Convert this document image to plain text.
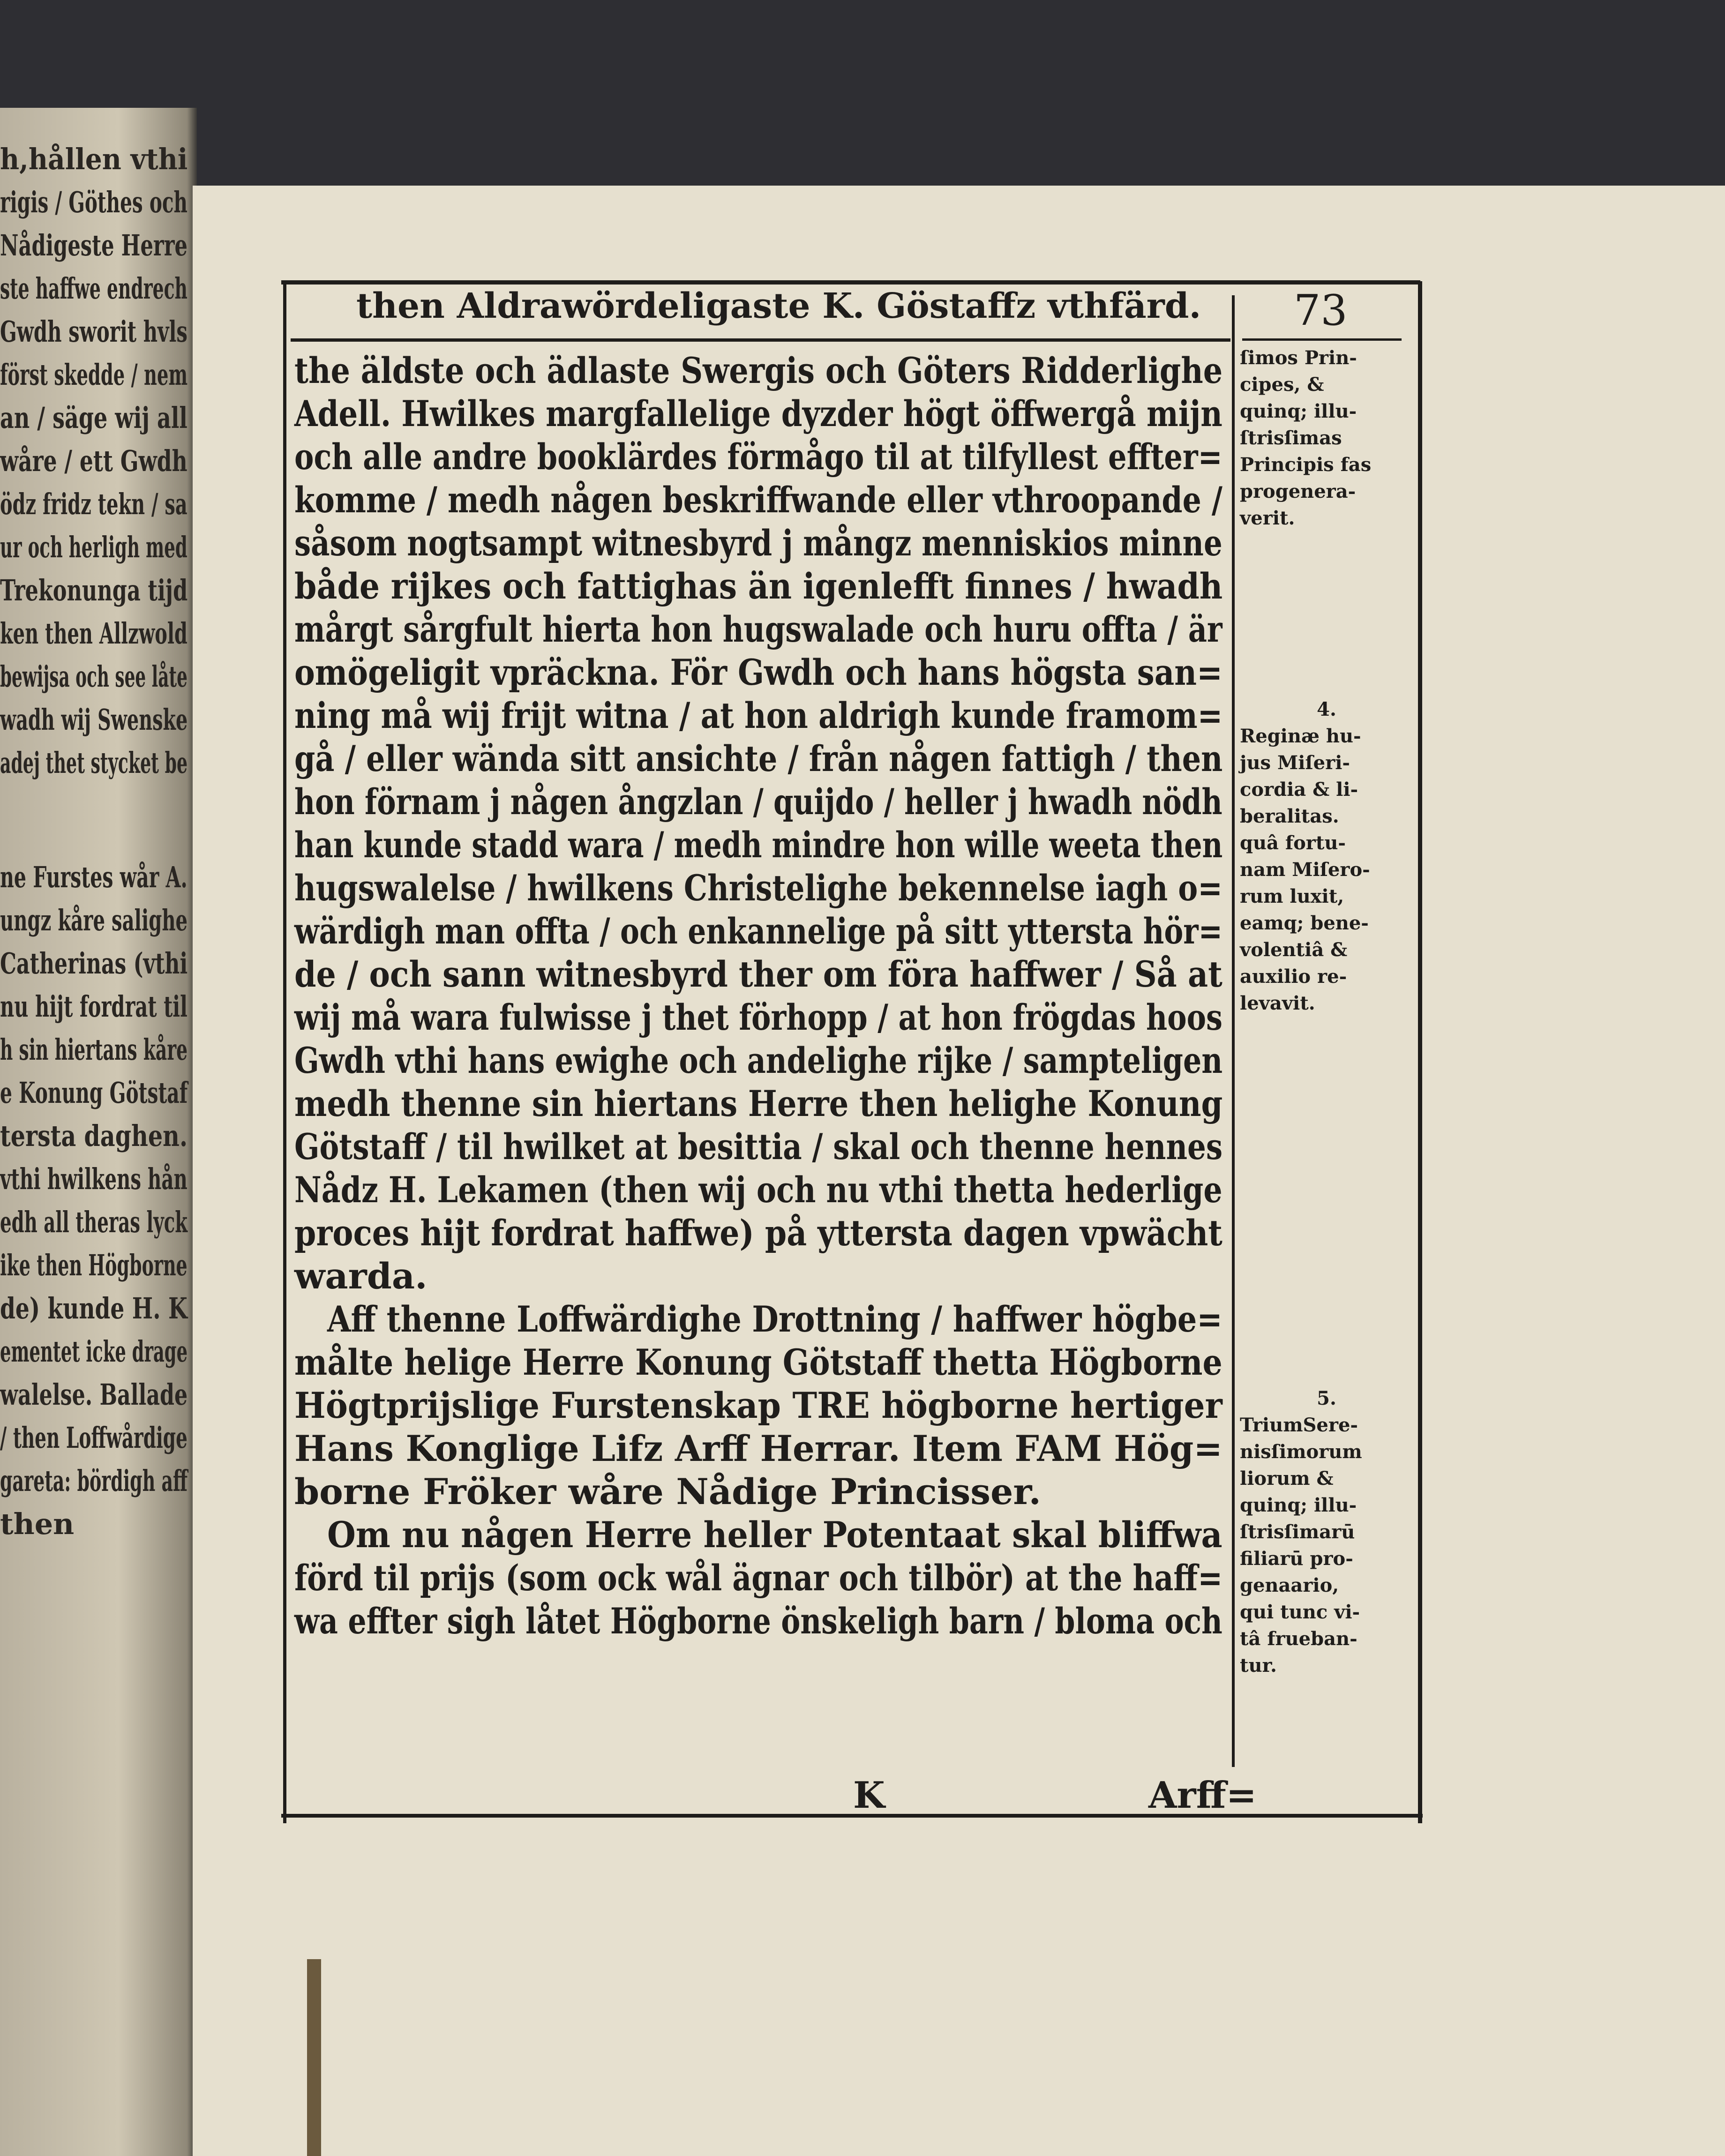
h,hållen vthi
rigis / Göthes och
Nådigeste Herre
ste haffwe endrech
Gwdh sworit hvls
först skedde / nem
an / säge wij all
wåre / ett Gwdh
ödz fridz tekn / sa
ur och herligh med
Trekonunga tijd
ken then Allzwold
bewijsa och see låte
wadh wij Swenske
adej thet stycket be
ne Furstes wår A.
ungz kåre salighe
Catherinas (vthi
nu hijt fordrat til
h sin hiertans kåre
e Konung Götstaf
tersta daghen.
vthi hwilkens hån
edh all theras lyck
ike then Högborne
de) kunde H. K
ementet icke drage
walelse. Ballade
/ then Loffwårdige
gareta: bördigh aff
then
then Aldrawördeligaste K. Göstaffz vthfärd. 73
the äldste och ädlaste Swergis och Göters Ridderlighe
Adell. Hwilkes margfallelige dyzder högt öffwergå mijn
och alle andre booklärdes förmågo til at tilfyllest effter=
komme / medh någen beskriffwande eller vthroopande /
såsom nogtsampt witnesbyrd j mångz menniskios minne
både rijkes och fattighas än igenlefft finnes / hwadh
mårgt sårgfult hierta hon hugswalade och huru offta / är
omögeligit vpräckna. För Gwdh och hans högsta san=
ning må wij frijt witna / at hon aldrigh kunde framom=
gå / eller wända sitt ansichte / från någen fattigh / then
hon förnam j någen ångzlan / quijdo / heller j hwadh nödh
han kunde stadd wara / medh mindre hon wille weeta then
hugswalelse / hwilkens Christelighe bekennelse iagh o=
wärdigh man offta / och enkannelige på sitt yttersta hör=
de / och sann witnesbyrd ther om föra haffwer / Så at
wij må wara fulwisse j thet förhopp / at hon frögdas hoos
Gwdh vthi hans ewighe och andelighe rijke / sampteligen
medh thenne sin hiertans Herre then helighe Konung
Götstaff / til hwilket at besittia / skal och thenne hennes
Nådz H. Lekamen (then wij och nu vthi thetta hederlige
proces hijt fordrat haffwe) på yttersta dagen vpwächt
warda.
Aff thenne Loffwärdighe Drottning / haffwer högbe=
målte helige Herre Konung Götstaff thetta Högborne
Högtprijslige Furstenskap TRE högborne hertiger
Hans Konglige Lifz Arff Herrar. Item FAM Hög=
borne Fröker wåre Nådige Princisser.
Om nu någen Herre heller Potentaat skal bliffwa
förd til prijs (som ock wål ägnar och tilbör) at the haff=
wa effter sigh låtet Högborne önskeligh barn / bloma och
ſimos Prin-
cipes, &
quinq; illu-
ſtrisſimas
Principis fas
progenera-
verit.
4.
Reginæ hu-
jus Miſeri-
cordia & li-
beralitas.
quâ fortu-
nam Miſero-
rum luxit,
eamq; bene-
volentiâ &
auxilio re-
levavit.
5.
TriumSere-
nisſimorum
liorum &
quinq; illu-
ſtrisſimarū
filiarū pro-
genaario,
qui tunc vi-
tâ frueban-
tur.
K	Arff=
